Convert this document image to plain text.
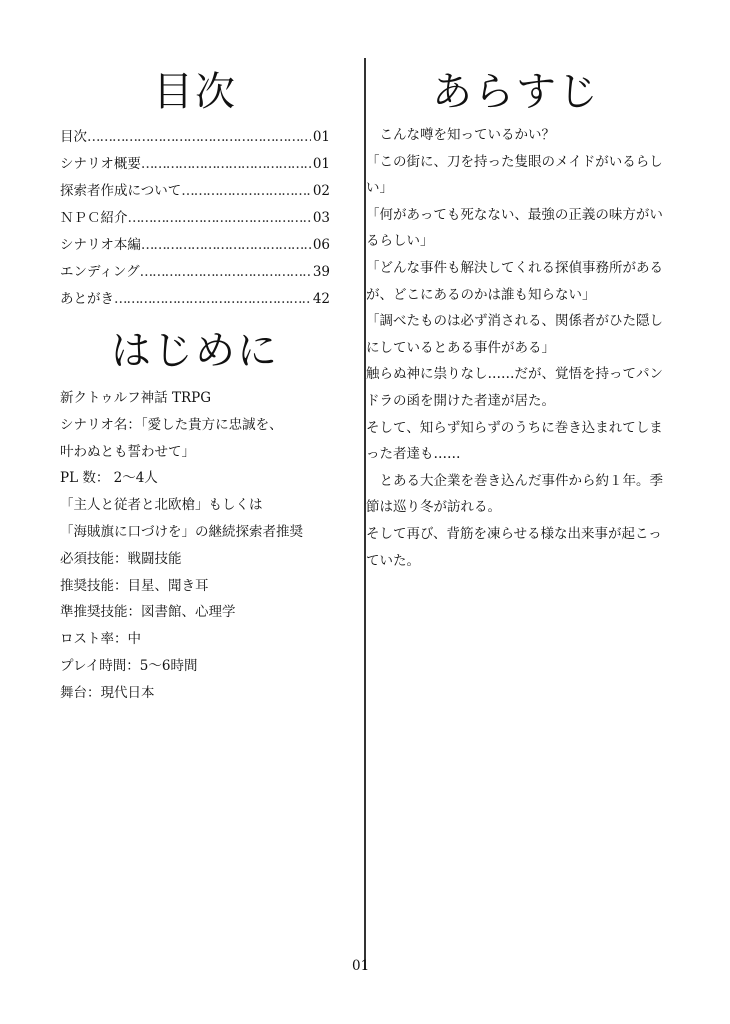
目次
目次 ………………………………………………………………	01
シナリオ概要 ………………………………………………………………	01
探索者作成について ………………………………………………………………	02
ＮＰＣ紹介 ………………………………………………………………	03
シナリオ本編 ………………………………………………………………	06
エンディング ………………………………………………………………	39
あとがき ………………………………………………………………	42
はじめに
新クトゥルフ神話 TRPG
シナリオ名：「愛した貴方に忠誠を、
叶わぬとも誓わせて」
PL 数： 2～4人
「主人と従者と北欧槍」もしくは
「海賊旗に口づけを」の継続探索者推奨
必須技能：戦闘技能
推奨技能：目星、聞き耳
準推奨技能：図書館、心理学
ロスト率：中
プレイ時間：5～6時間
舞台：現代日本
あらすじ
　こんな噂を知っているかい？
「この街に、刀を持った隻眼のメイドがいるらしい」
「何があっても死なない、最強の正義の味方がいるらしい」
「どんな事件も解決してくれる探偵事務所があるが、どこにあるのかは誰も知らない」
「調べたものは必ず消される、関係者がひた隠しにしているとある事件がある」
触らぬ神に祟りなし……だが、覚悟を持ってパンドラの函を開けた者達が居た。
そして、知らず知らずのうちに巻き込まれてしまった者達も……
　とある大企業を巻き込んだ事件から約１年。季節は巡り冬が訪れる。
そして再び、背筋を凍らせる様な出来事が起こっていた。
01
